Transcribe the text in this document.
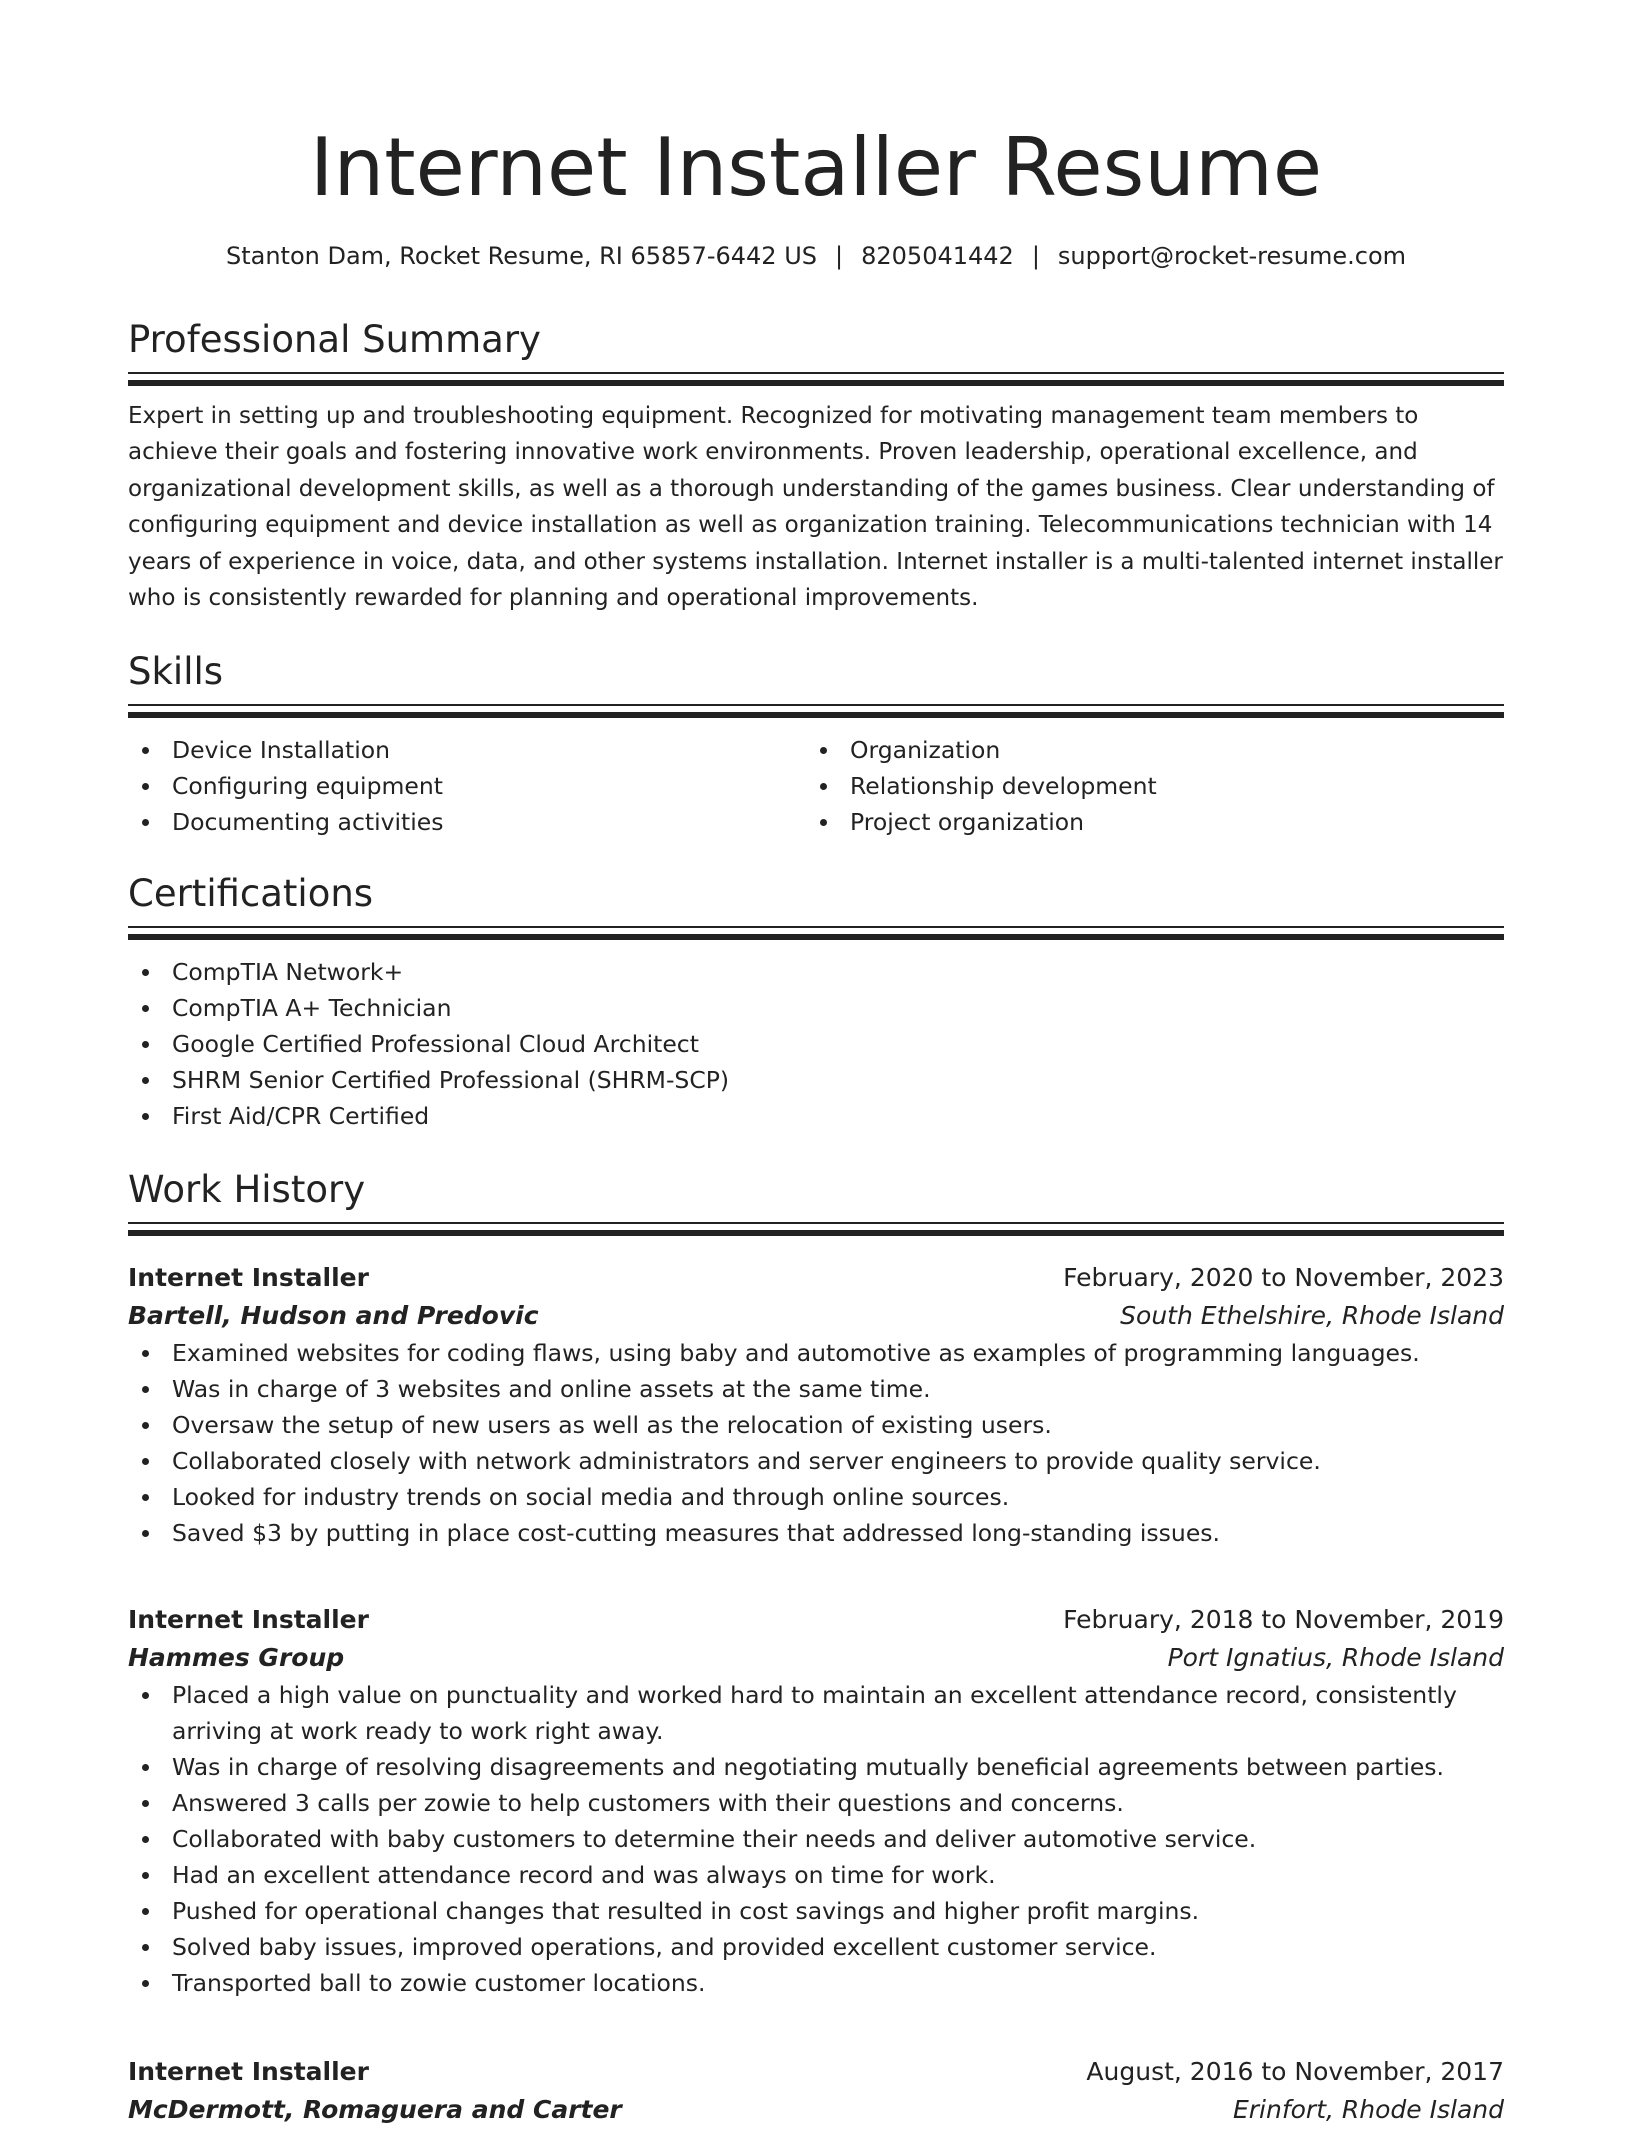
Internet Installer Resume
Stanton Dam, Rocket Resume, RI 65857-6442 US | 8205041442 | support@rocket-resume.com
Professional Summary
Expert in setting up and troubleshooting equipment. Recognized for motivating management team members to achieve their goals and fostering innovative work environments. Proven leadership, operational excellence, and organizational development skills, as well as a thorough understanding of the games business. Clear understanding of configuring equipment and device installation as well as organization training. Telecommunications technician with 14 years of experience in voice, data, and other systems installation. Internet installer is a multi-talented internet installer who is consistently rewarded for planning and operational improvements.
Skills
Device Installation
Configuring equipment
Documenting activities
Organization
Relationship development
Project organization
Certifications
CompTIA Network+
CompTIA A+ Technician
Google Certified Professional Cloud Architect
SHRM Senior Certified Professional (SHRM-SCP)
First Aid/CPR Certified
Work History
Internet Installer	February, 2020 to November, 2023
Bartell, Hudson and Predovic	South Ethelshire, Rhode Island
Examined websites for coding flaws, using baby and automotive as examples of programming languages.
Was in charge of 3 websites and online assets at the same time.
Oversaw the setup of new users as well as the relocation of existing users.
Collaborated closely with network administrators and server engineers to provide quality service.
Looked for industry trends on social media and through online sources.
Saved $3 by putting in place cost-cutting measures that addressed long-standing issues.
Internet Installer	February, 2018 to November, 2019
Hammes Group	Port Ignatius, Rhode Island
Placed a high value on punctuality and worked hard to maintain an excellent attendance record, consistently arriving at work ready to work right away.
Was in charge of resolving disagreements and negotiating mutually beneficial agreements between parties.
Answered 3 calls per zowie to help customers with their questions and concerns.
Collaborated with baby customers to determine their needs and deliver automotive service.
Had an excellent attendance record and was always on time for work.
Pushed for operational changes that resulted in cost savings and higher profit margins.
Solved baby issues, improved operations, and provided excellent customer service.
Transported ball to zowie customer locations.
Internet Installer	August, 2016 to November, 2017
McDermott, Romaguera and Carter	Erinfort, Rhode Island
